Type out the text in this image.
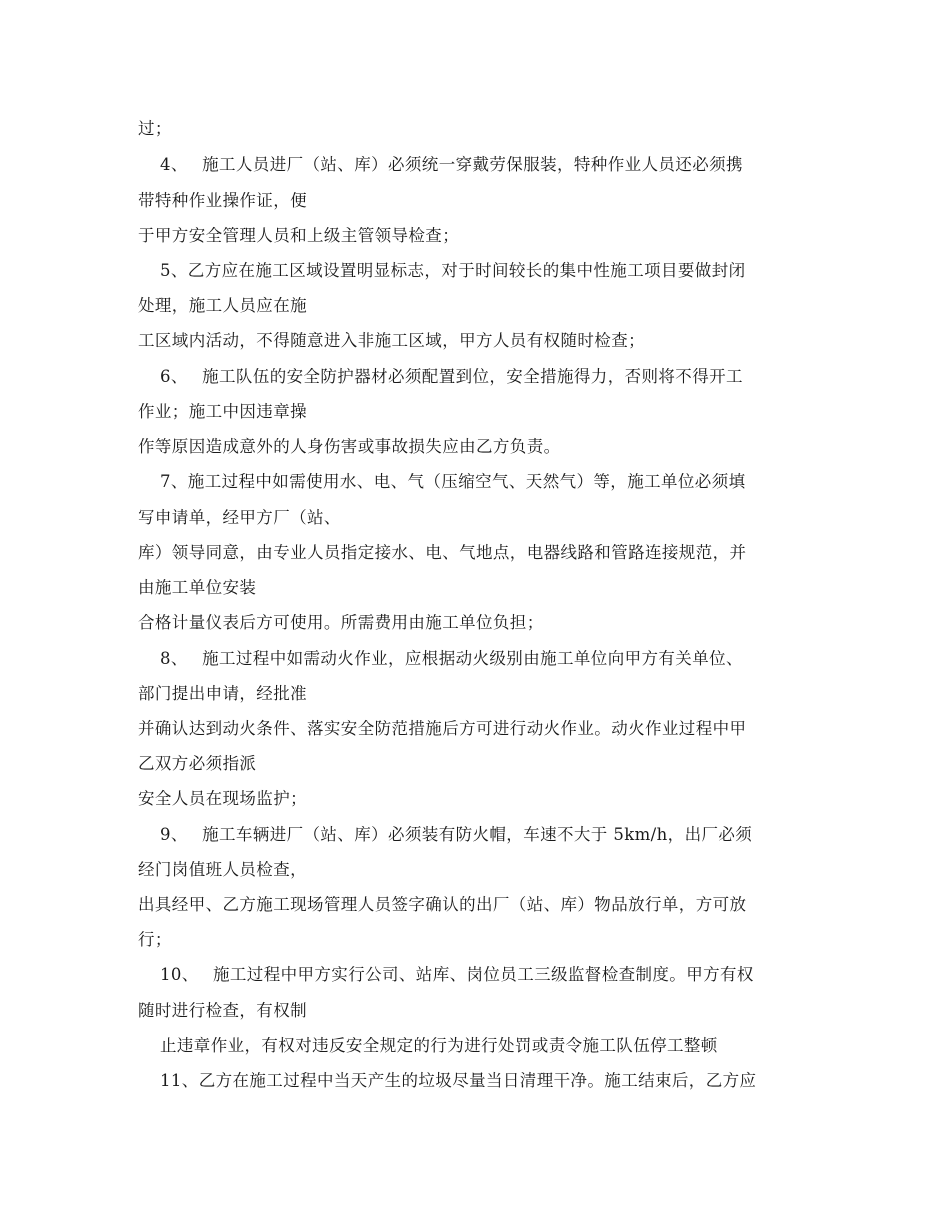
过；
4、　 施工人员进厂（站、库）必须统一穿戴劳保服装，特种作业人员还必须携
带特种作业操作证，便
于甲方安全管理人员和上级主管领导检查；
5、乙方应在施工区域设置明显标志，对于时间较长的集中性施工项目要做封闭
处理，施工人员应在施
工区域内活动，不得随意进入非施工区域，甲方人员有权随时检查；
6、　 施工队伍的安全防护器材必须配置到位，安全措施得力，否则将不得开工
作业；施工中因违章操
作等原因造成意外的人身伤害或事故损失应由乙方负责。
7、施工过程中如需使用水、电、气（压缩空气、天然气）等，施工单位必须填
写申请单，经甲方厂（站、
库）领导同意，由专业人员指定接水、电、气地点，电器线路和管路连接规范，并
由施工单位安装
合格计量仪表后方可使用。所需费用由施工单位负担；
8、　 施工过程中如需动火作业，应根据动火级别由施工单位向甲方有关单位、
部门提出申请，经批准
并确认达到动火条件、落实安全防范措施后方可进行动火作业。动火作业过程中甲
乙双方必须指派
安全人员在现场监护；
9、　 施工车辆进厂（站、库）必须装有防火帽，车速不大于 5km/h，出厂必须
经门岗值班人员检查，
出具经甲、乙方施工现场管理人员签字确认的出厂（站、库）物品放行单，方可放
行；
10、　 施工过程中甲方实行公司、站库、岗位员工三级监督检查制度。甲方有权
随时进行检查，有权制
止违章作业，有权对违反安全规定的行为进行处罚或责令施工队伍停工整顿
11、乙方在施工过程中当天产生的垃圾尽量当日清理干净。施工结束后，乙方应
